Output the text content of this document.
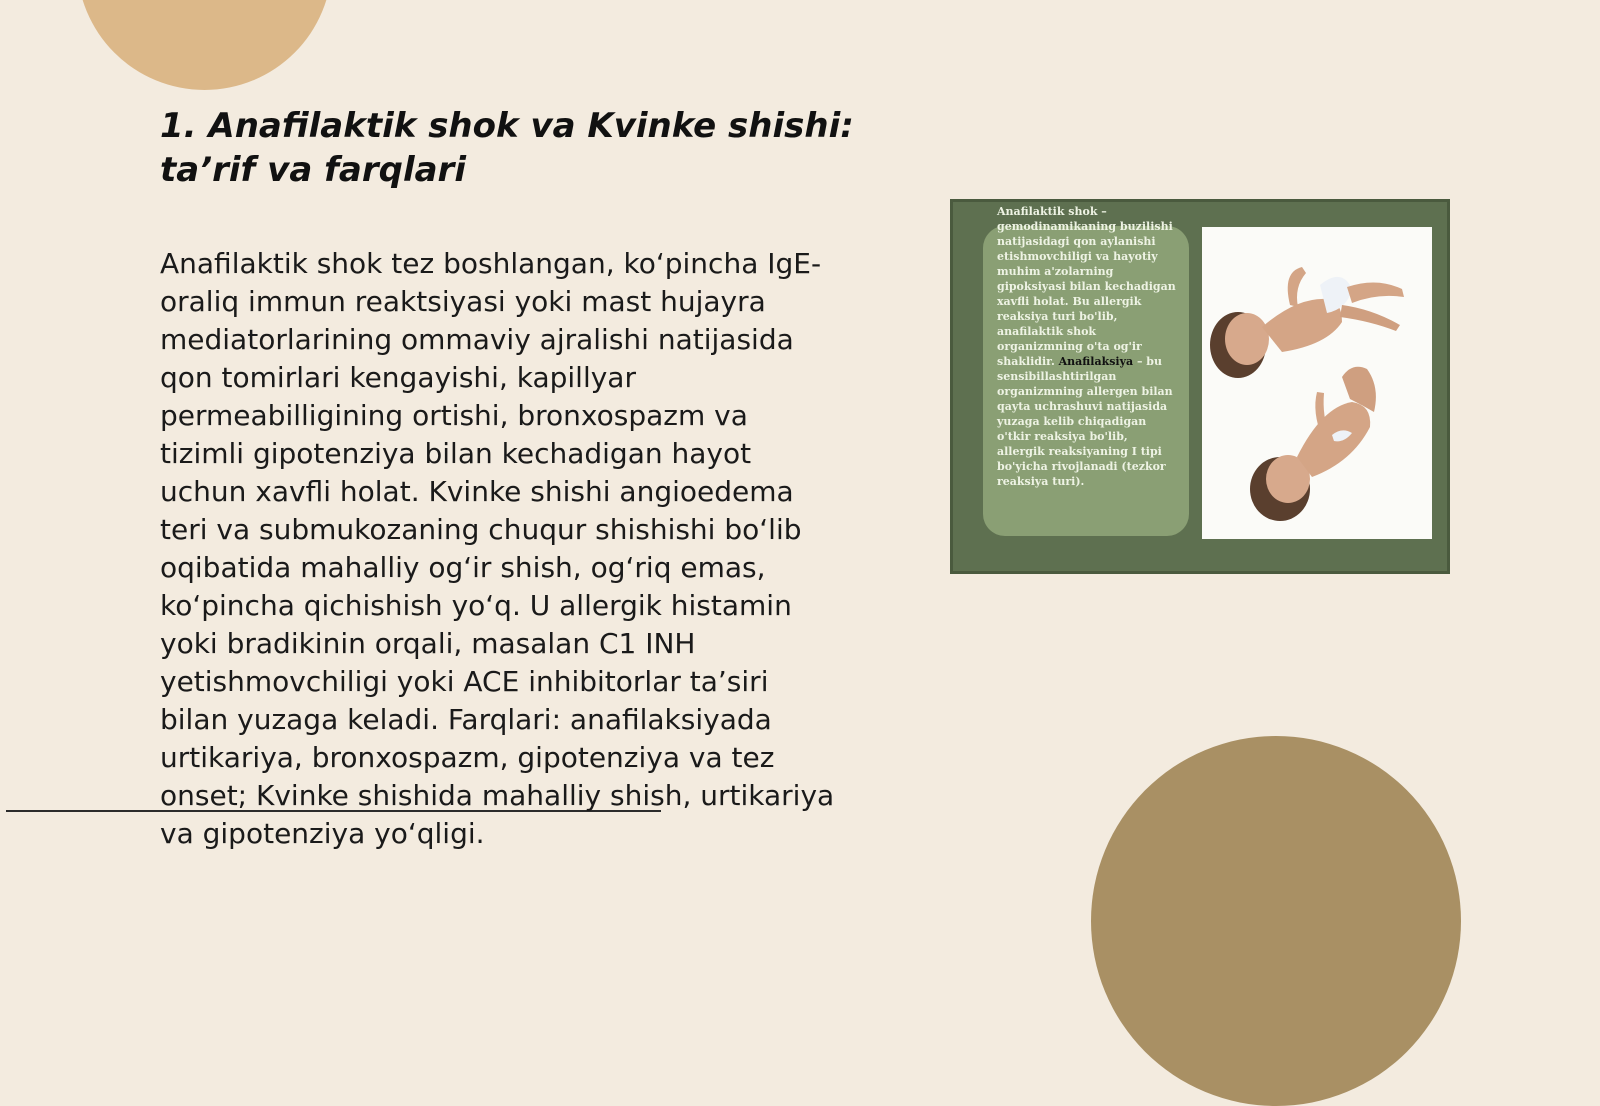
1. Anafilaktik shok va Kvinke shishi: ta’rif va farqlari

Anafilaktik shok tez boshlangan, ko‘pincha IgE-oraliq immun reaktsiyasi yoki mast hujayra mediatorlarining ommaviy ajralishi natijasida qon tomirlari kengayishi, kapillyar permeabilligining ortishi, bronxospazm va tizimli gipotenziya bilan kechadigan hayot uchun xavfli holat. Kvinke shishi angioedema teri va submukozaning chuqur shishishi bo‘lib oqibatida mahalliy og‘ir shish, og‘riq emas, ko‘pincha qichishish yo‘q. U allergik histamin yoki bradikinin orqali, masalan C1 INH yetishmovchiligi yoki ACE inhibitorlar ta’siri bilan yuzaga keladi. Farqlari: anafilaksiyada urtikariya, bronxospazm, gipotenziya va tez onset; Kvinke shishida mahalliy shish, urtikariya va gipotenziya yo‘qligi.

Anafilaktik shok – gemodinamikaning buzilishi natijasidagi qon aylanishi etishmovchiligi va hayotiy muhim a'zolarning gipoksiyasi bilan kechadigan xavfli holat. Bu allergik reaksiya turi bo'lib, anafilaktik shok organizmning o'ta og'ir shaklidir. Anafilaksiya – bu sensibillashtirilgan organizmning allergen bilan qayta uchrashuvi natijasida yuzaga kelib chiqadigan o'tkir reaksiya bo'lib, allergik reaksiyaning I tipi bo'yicha rivojlanadi (tezkor reaksiya turi).
